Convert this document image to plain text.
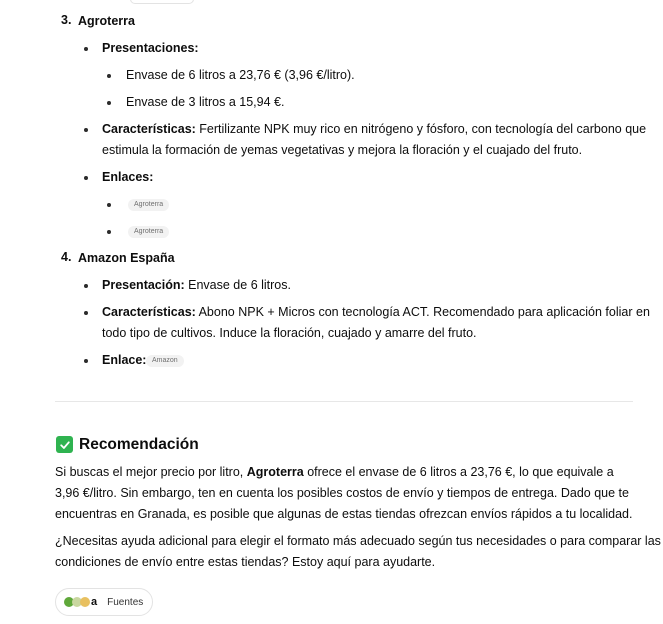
3. Agroterra
Presentaciones:
Envase de 6 litros a 23,76 € (3,96 €/litro).
Envase de 3 litros a 15,94 €.
Características: Fertilizante NPK muy rico en nitrógeno y fósforo, con tecnología del carbono que
estimula la formación de yemas vegetativas y mejora la floración y el cuajado del fruto.
Enlaces:
Agroterra
Agroterra
4. Amazon España
Presentación: Envase de 6 litros.
Características: Abono NPK + Micros con tecnología ACT. Recomendado para aplicación foliar en
todo tipo de cultivos. Induce la floración, cuajado y amarre del fruto.
Enlace: Amazon
Recomendación
Si buscas el mejor precio por litro, Agroterra ofrece el envase de 6 litros a 23,76 €, lo que equivale a
3,96 €/litro. Sin embargo, ten en cuenta los posibles costos de envío y tiempos de entrega. Dado que te
encuentras en Granada, es posible que algunas de estas tiendas ofrezcan envíos rápidos a tu localidad.
¿Necesitas ayuda adicional para elegir el formato más adecuado según tus necesidades o para comparar las
condiciones de envío entre estas tiendas? Estoy aquí para ayudarte.
a Fuentes
